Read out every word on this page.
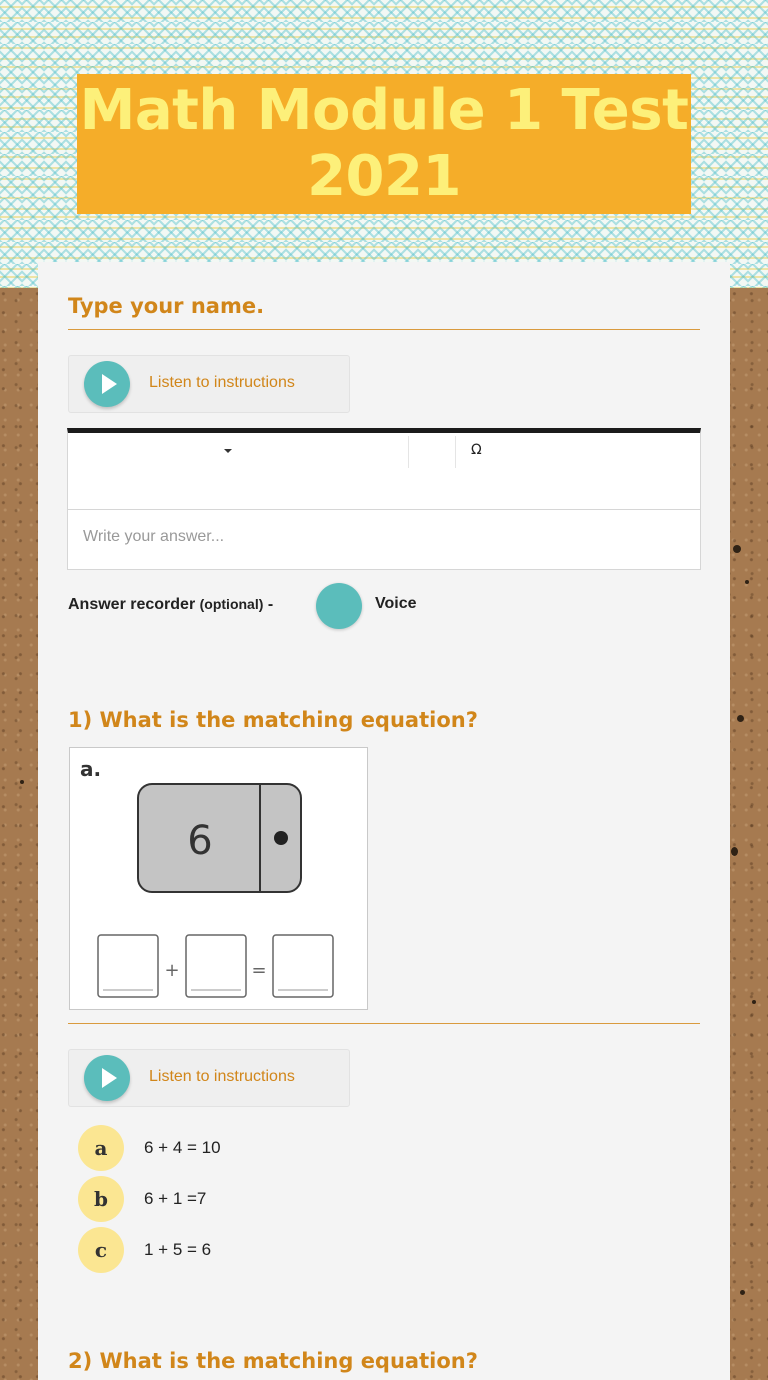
Math Module 1 Test 2021
Type your name.
Listen to instructions
Ω
Write your answer...
Answer recorder (optional) -	Voice
1) What is the matching equation?
a.
6
+	=
Listen to instructions
a	6 + 4 = 10
b	6 + 1 =7
c	1 + 5 = 6
2) What is the matching equation?
